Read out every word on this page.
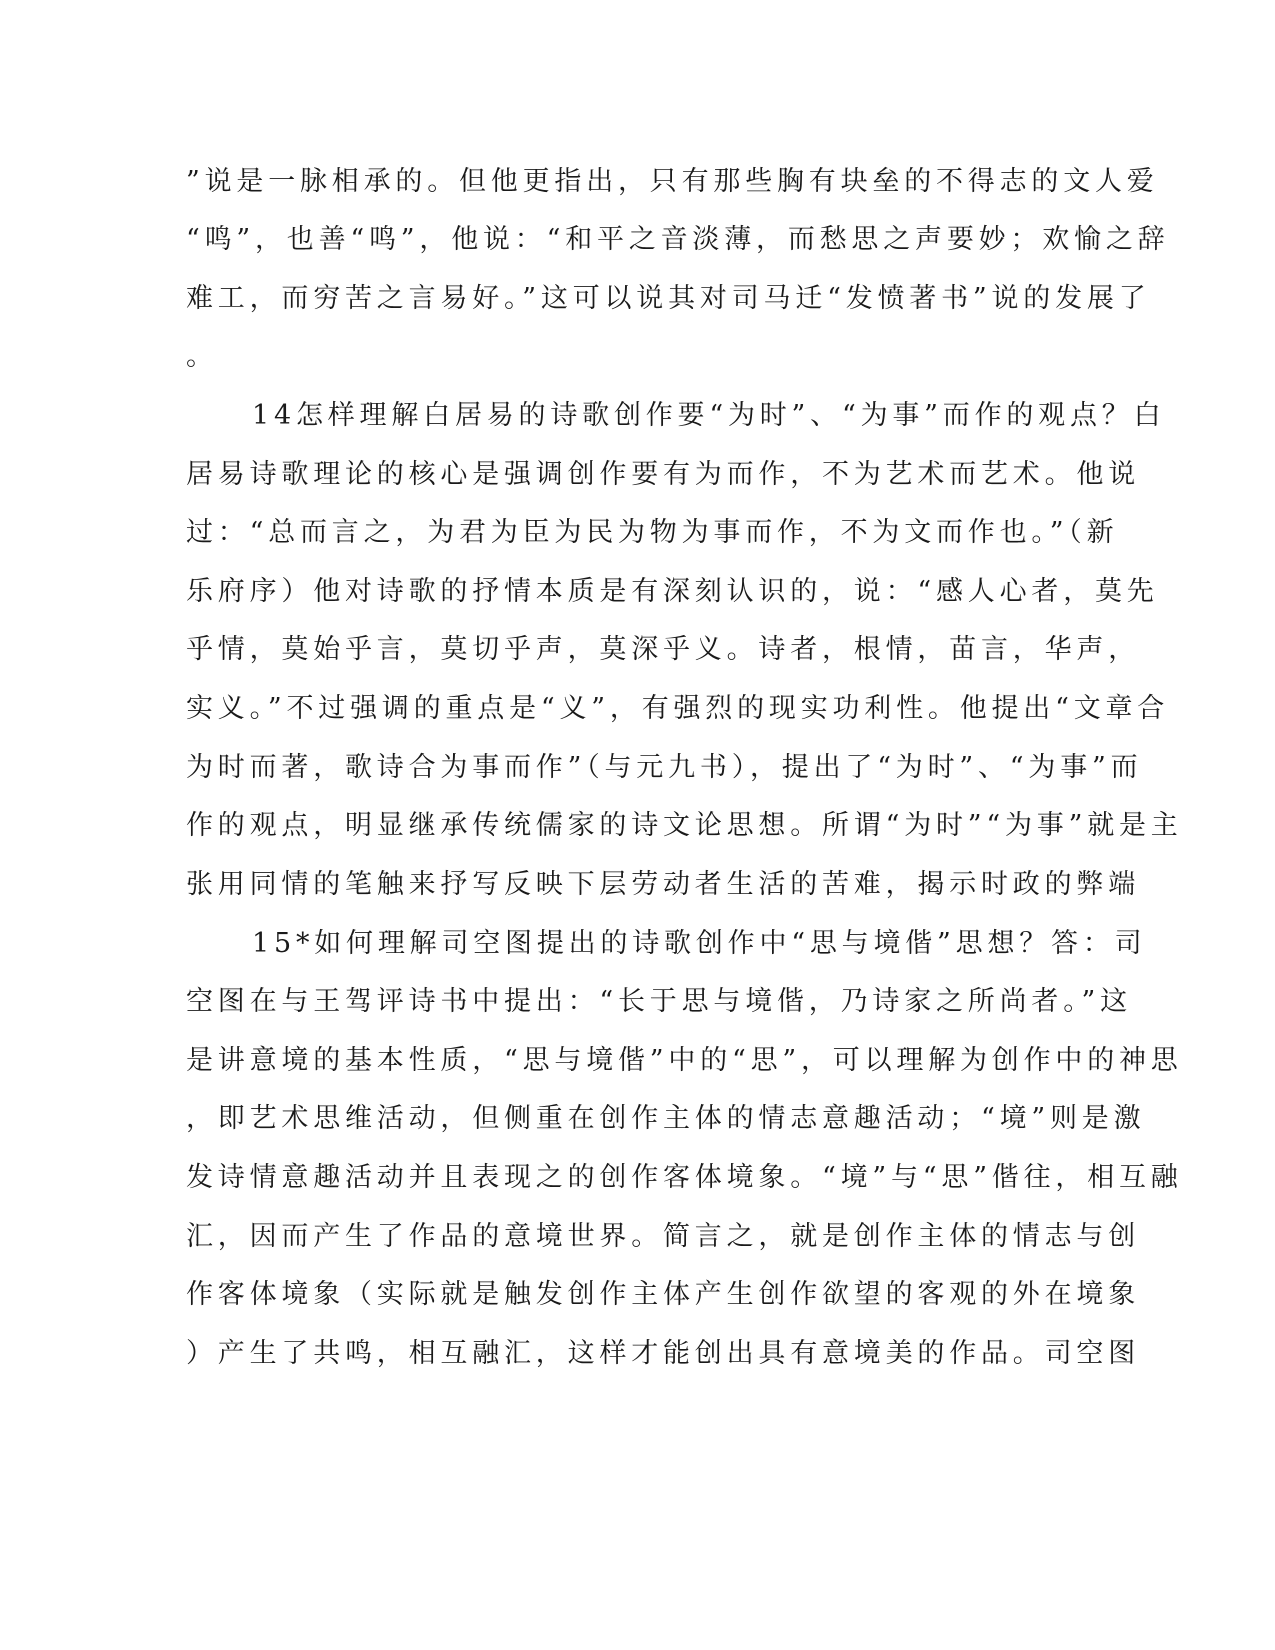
”说是一脉相承的。但他更指出，只有那些胸有块垒的不得志的文人爱
“鸣”，也善“鸣”，他说：“和平之音淡薄，而愁思之声要妙；欢愉之辞
难工，而穷苦之言易好。”这可以说其对司马迁“发愤著书”说的发展了
。
14怎样理解白居易的诗歌创作要“为时”、“为事”而作的观点？白
居易诗歌理论的核心是强调创作要有为而作，不为艺术而艺术。他说
过：“总而言之，为君为臣为民为物为事而作，不为文而作也。”（新
乐府序）他对诗歌的抒情本质是有深刻认识的，说：“感人心者，莫先
乎情，莫始乎言，莫切乎声，莫深乎义。诗者，根情，苗言，华声，
实义。”不过强调的重点是“义”，有强烈的现实功利性。他提出“文章合
为时而著，歌诗合为事而作”（与元九书），提出了“为时”、“为事”而
作的观点，明显继承传统儒家的诗文论思想。所谓“为时”“为事”就是主
张用同情的笔触来抒写反映下层劳动者生活的苦难，揭示时政的弊端
15*如何理解司空图提出的诗歌创作中“思与境偕”思想？答：司
空图在与王驾评诗书中提出：“长于思与境偕，乃诗家之所尚者。”这
是讲意境的基本性质，“思与境偕”中的“思”，可以理解为创作中的神思
，即艺术思维活动，但侧重在创作主体的情志意趣活动；“境”则是激
发诗情意趣活动并且表现之的创作客体境象。“境”与“思”偕往，相互融
汇，因而产生了作品的意境世界。简言之，就是创作主体的情志与创
作客体境象（实际就是触发创作主体产生创作欲望的客观的外在境象
）产生了共鸣，相互融汇，这样才能创出具有意境美的作品。司空图
